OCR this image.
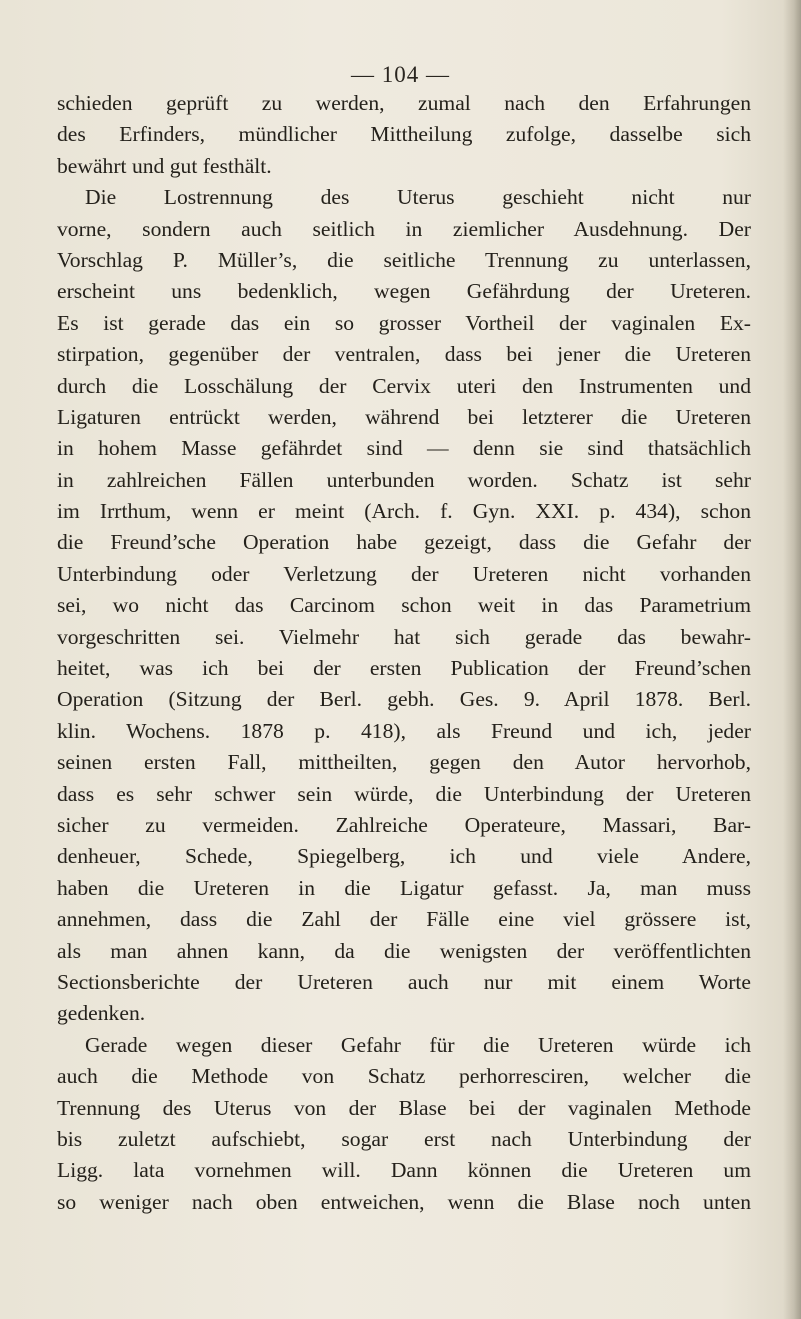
— 104 —
schieden geprüft zu werden, zumal nach den Erfahrungen
des Erfinders, mündlicher Mittheilung zufolge, dasselbe sich
bewährt und gut festhält.
Die Lostrennung des Uterus geschieht nicht nur
vorne, sondern auch seitlich in ziemlicher Ausdehnung. Der
Vorschlag P. Müller’s, die seitliche Trennung zu unterlassen,
erscheint uns bedenklich, wegen Gefährdung der Ureteren.
Es ist gerade das ein so grosser Vortheil der vaginalen Ex-
stirpation, gegenüber der ventralen, dass bei jener die Ureteren
durch die Losschälung der Cervix uteri den Instrumenten und
Ligaturen entrückt werden, während bei letzterer die Ureteren
in hohem Masse gefährdet sind — denn sie sind thatsächlich
in zahlreichen Fällen unterbunden worden. Schatz ist sehr
im Irrthum, wenn er meint (Arch. f. Gyn. XXI. p. 434), schon
die Freund’sche Operation habe gezeigt, dass die Gefahr der
Unterbindung oder Verletzung der Ureteren nicht vorhanden
sei, wo nicht das Carcinom schon weit in das Parametrium
vorgeschritten sei. Vielmehr hat sich gerade das bewahr-
heitet, was ich bei der ersten Publication der Freund’schen
Operation (Sitzung der Berl. gebh. Ges. 9. April 1878. Berl.
klin. Wochens. 1878 p. 418), als Freund und ich, jeder
seinen ersten Fall, mittheilten, gegen den Autor hervorhob,
dass es sehr schwer sein würde, die Unterbindung der Ureteren
sicher zu vermeiden. Zahlreiche Operateure, Massari, Bar-
denheuer, Schede, Spiegelberg, ich und viele Andere,
haben die Ureteren in die Ligatur gefasst. Ja, man muss
annehmen, dass die Zahl der Fälle eine viel grössere ist,
als man ahnen kann, da die wenigsten der veröffentlichten
Sectionsberichte der Ureteren auch nur mit einem Worte
gedenken.
Gerade wegen dieser Gefahr für die Ureteren würde ich
auch die Methode von Schatz perhorresciren, welcher die
Trennung des Uterus von der Blase bei der vaginalen Methode
bis zuletzt aufschiebt, sogar erst nach Unterbindung der
Ligg. lata vornehmen will. Dann können die Ureteren um
so weniger nach oben entweichen, wenn die Blase noch unten
